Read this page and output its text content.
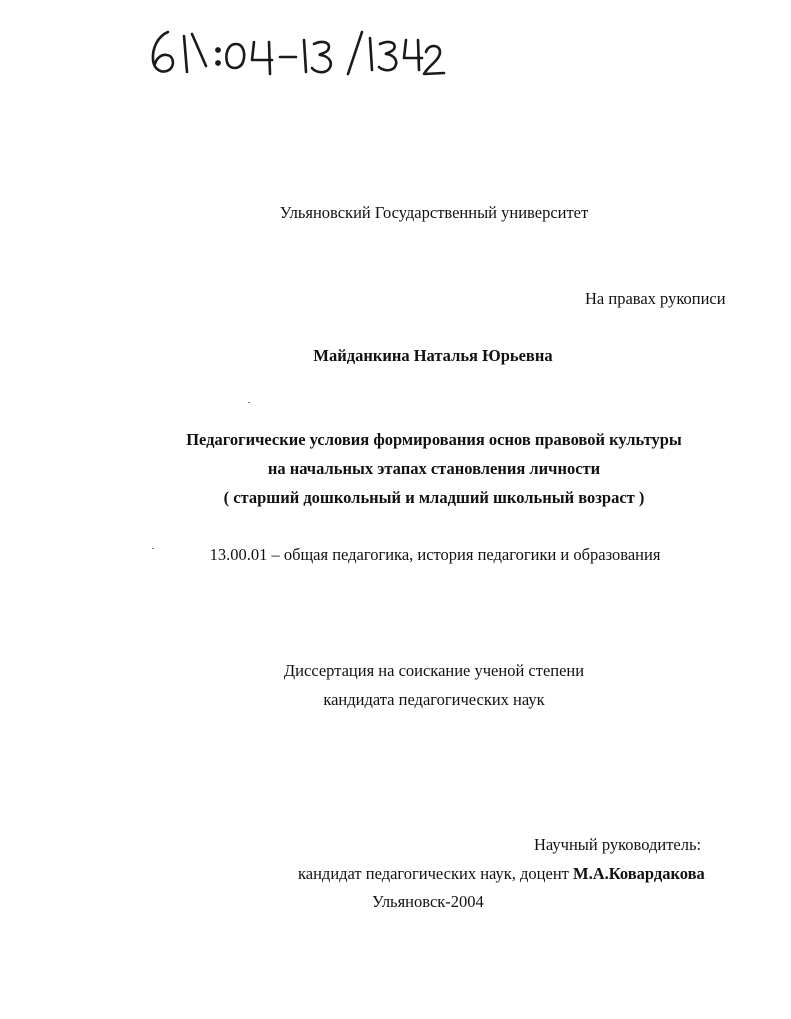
Ульяновский Государственный университет
На правах рукописи
Майданкина Наталья Юрьевна
Педагогические условия формирования основ правовой культуры
на начальных этапах становления личности
( старший дошкольный и младший школьный возраст )
13.00.01 – общая педагогика, история педагогики и образования
Диссертация на соискание ученой степени
кандидата педагогических наук
Научный руководитель:
кандидат педагогических наук, доцент М.А.Ковардакова
Ульяновск-2004
